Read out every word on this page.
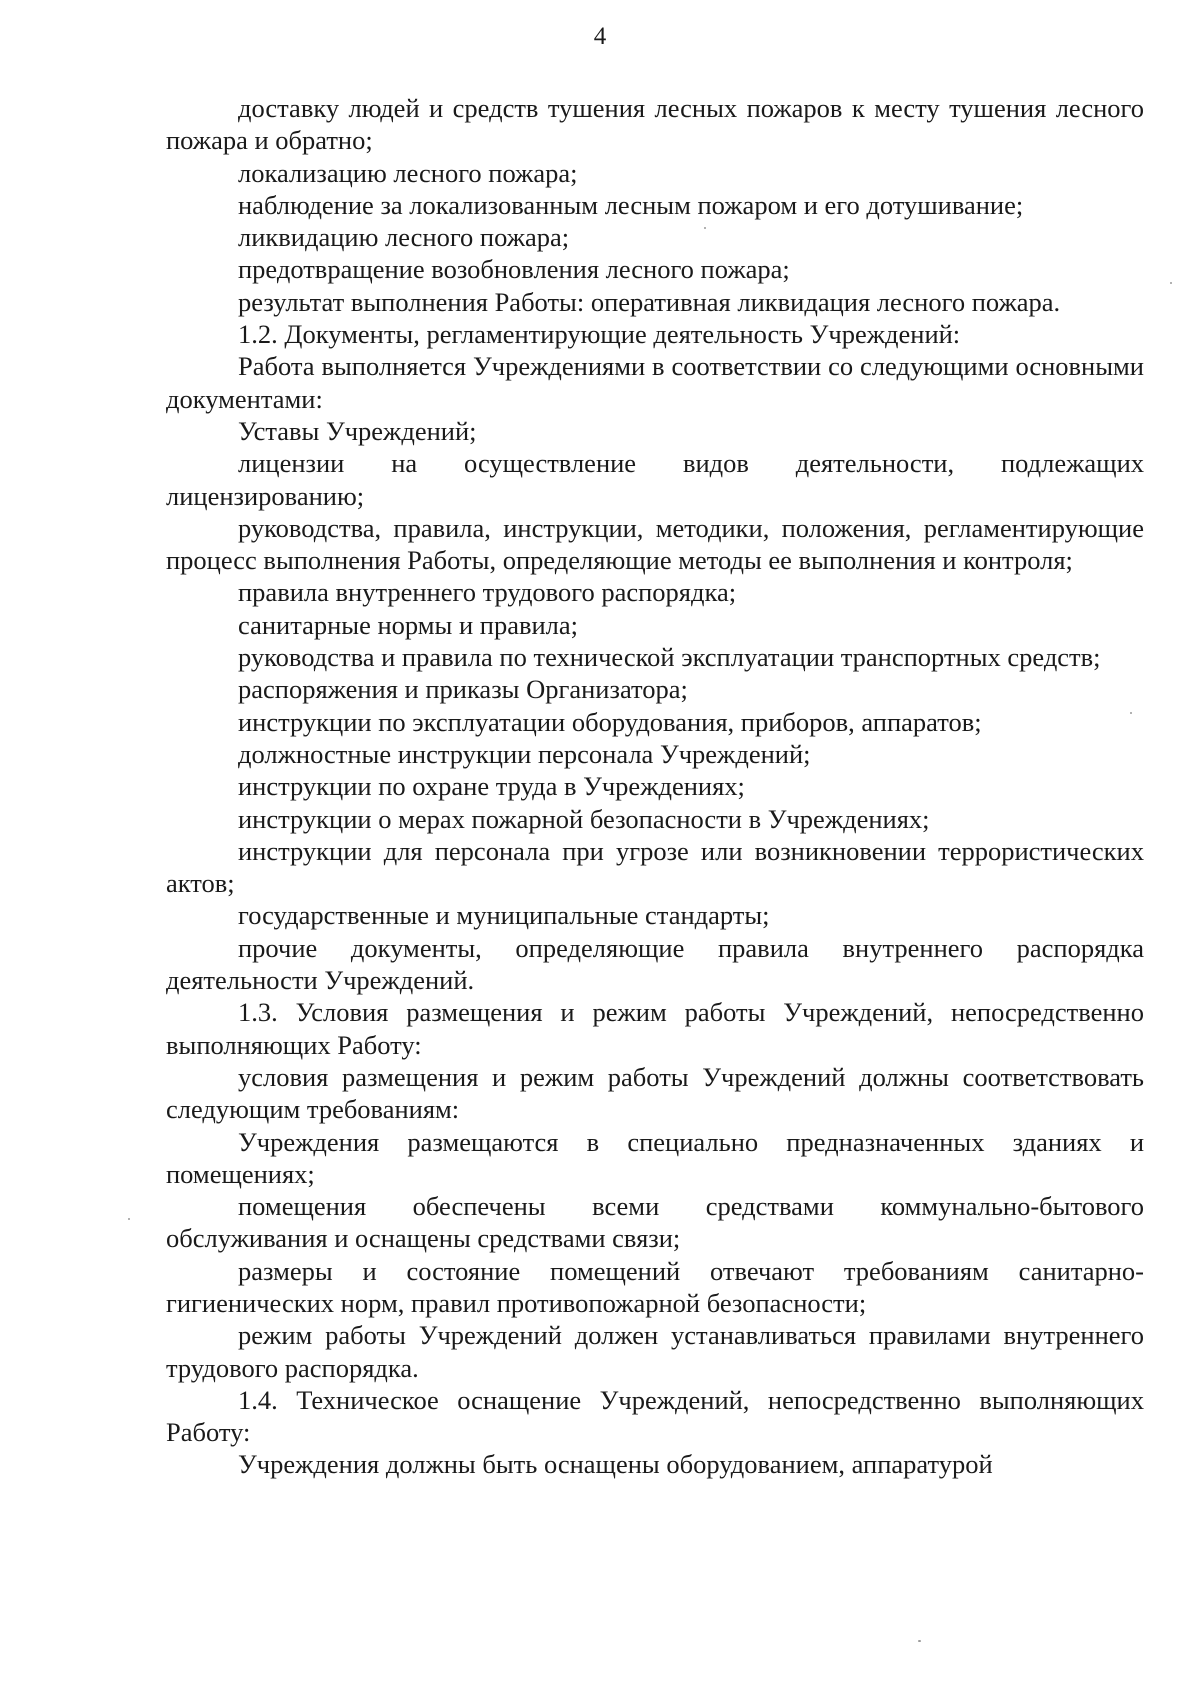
4

доставку людей и средств тушения лесных пожаров к месту тушения лесного пожара и обратно;

локализацию лесного пожара;

наблюдение за локализованным лесным пожаром и его дотушивание;

ликвидацию лесного пожара;

предотвращение возобновления лесного пожара;

результат выполнения Работы: оперативная ликвидация лесного пожара.

1.2. Документы, регламентирующие деятельность Учреждений:

Работа выполняется Учреждениями в соответствии со следующими основными документами:

Уставы Учреждений;

лицензии на осуществление видов деятельности, подлежащих лицензированию;

руководства, правила, инструкции, методики, положения, регламентирующие процесс выполнения Работы, определяющие методы ее выполнения и контроля;

правила внутреннего трудового распорядка;

санитарные нормы и правила;

руководства и правила по технической эксплуатации транспортных средств;

распоряжения и приказы Организатора;

инструкции по эксплуатации оборудования, приборов, аппаратов;

должностные инструкции персонала Учреждений;

инструкции по охране труда в Учреждениях;

инструкции о мерах пожарной безопасности в Учреждениях;

инструкции для персонала при угрозе или возникновении террористических актов;

государственные и муниципальные стандарты;

прочие документы, определяющие правила внутреннего распорядка деятельности Учреждений.

1.3. Условия размещения и режим работы Учреждений, непосредственно выполняющих Работу:

условия размещения и режим работы Учреждений должны соответствовать следующим требованиям:

Учреждения размещаются в специально предназначенных зданиях и помещениях;

помещения обеспечены всеми средствами коммунально-бытового обслуживания и оснащены средствами связи;

размеры и состояние помещений отвечают требованиям санитарно-гигиенических норм, правил противопожарной безопасности;

режим работы Учреждений должен устанавливаться правилами внутреннего трудового распорядка.

1.4. Техническое оснащение Учреждений, непосредственно выполняющих Работу:

Учреждения должны быть оснащены оборудованием, аппаратурой
